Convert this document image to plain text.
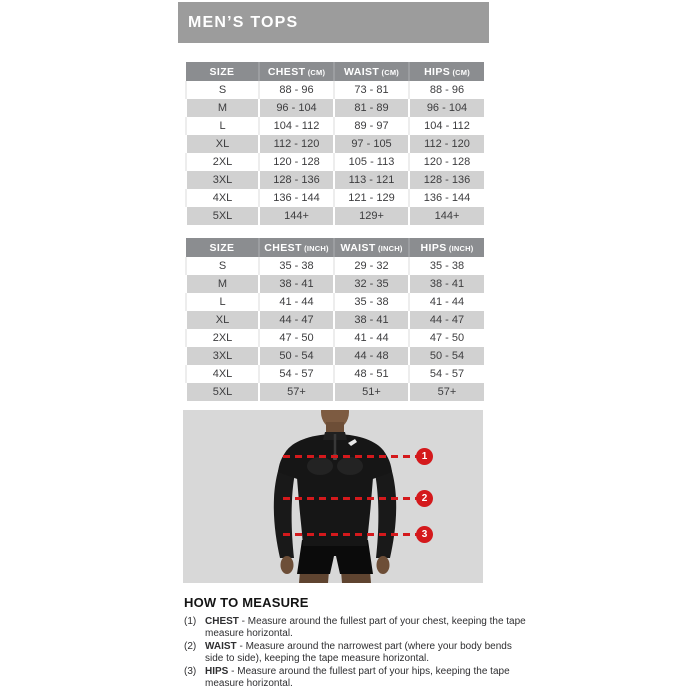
MEN’S TOPS
SIZE	CHEST (CM)	WAIST (CM)	HIPS (CM)
S	88 - 96	73 - 81	88 - 96
M	96 - 104	81 - 89	96 - 104
L	104 - 112	89 - 97	104 - 112
XL	112 - 120	97 - 105	112 - 120
2XL	120 - 128	105 - 113	120 - 128
3XL	128 - 136	113 - 121	128 - 136
4XL	136 - 144	121 - 129	136 - 144
5XL	144+	129+	144+
SIZE	CHEST (INCH)	WAIST (INCH)	HIPS (INCH)
S	35 - 38	29 - 32	35 - 38
M	38 - 41	32 - 35	38 - 41
L	41 - 44	35 - 38	41 - 44
XL	44 - 47	38 - 41	44 - 47
2XL	47 - 50	41 - 44	47 - 50
3XL	50 - 54	44 - 48	50 - 54
4XL	54 - 57	48 - 51	54 - 57
5XL	57+	51+	57+
1
2
3
HOW TO MEASURE
(1) CHEST - Measure around the fullest part of your chest, keeping the tape measure horizontal.

(2) WAIST - Measure around the narrowest part (where your body bends side to side), keeping the tape measure horizontal.

(3) HIPS - Measure around the fullest part of your hips, keeping the tape measure horizontal.
